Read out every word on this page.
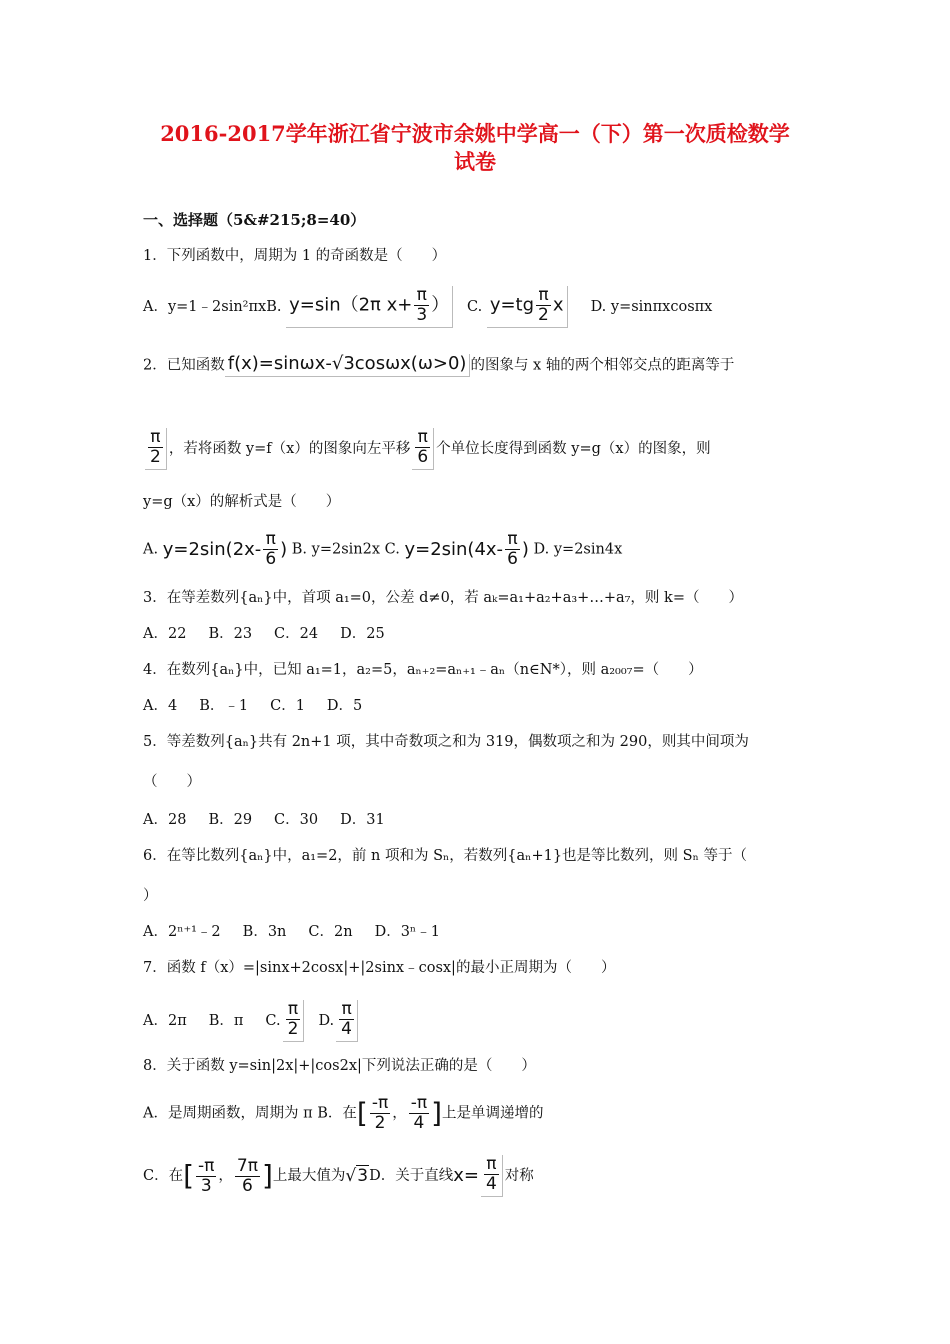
2016-2017学年浙江省宁波市余姚中学高一（下）第一次质检数学
试卷
一、选择题（5&#215;8=40）
1．下列函数中，周期为 1 的奇函数是（　　）
A．y=1﹣2sin²πxB. y=sin（2π $x+ \frac{\pi}{3}$ ） C. $y=tg \frac{\pi}{2}$ x D. y=sinπxcosπx
2．已知函数 f(x)=sinωx-√3cosωx(ω>0) 的图象与 x 轴的两个相邻交点的距离等于
$\frac{\pi}{2}$ ，若将函数 y=f（x）的图象向左平移 $\frac{\pi}{6}$ 个单位长度得到函数 y=g（x）的图象，则
y=g（x）的解析式是（　　）
A. $y=2\sin(2x- \frac{\pi}{6}$ ) B. y=2sin2x C. $y=2\sin(4x- \frac{\pi}{6}$ ) D. y=2sin4x
3．在等差数列{aₙ}中，首项 a₁=0，公差 d≠0，若 aₖ=a₁+a₂+a₃+…+a₇，则 k=（　　）
A．22 B．23 C．24 D．25
4．在数列{aₙ}中，已知 a₁=1，a₂=5，aₙ₊₂=aₙ₊₁﹣aₙ（n∈N*），则 a₂₀₀₇=（　　）
A．4 B．﹣1 C．1 D．5
5．等差数列{aₙ}共有 2n+1 项，其中奇数项之和为 319，偶数项之和为 290，则其中间项为
（　　）
A．28 B．29 C．30 D．31
6．在等比数列{aₙ}中，a₁=2，前 n 项和为 Sₙ，若数列{aₙ+1}也是等比数列，则 Sₙ 等于（
）
A．2ⁿ⁺¹﹣2 B．3n C．2n D．3ⁿ﹣1
7．函数 f（x）=|sinx+2cosx|+|2sinx﹣cosx|的最小正周期为（　　）
A．2π B．π C. $\frac{\pi}{2} D$. $\frac{\pi}{4}$
8．关于函数 y=sin|2x|+|cos2x|下列说法正确的是（　　）
A．是周期函数，周期为 π B．在[ $\frac{-\pi}{2}$ ， $\frac{-\pi}{4}$ ]上是单调递增的
C．在[ $\frac{-\pi}{3}$ ， $\frac{7\pi}{6}$ ]上最大值为√3D．关于直线$x= \frac{\pi}{4}$ 对称
